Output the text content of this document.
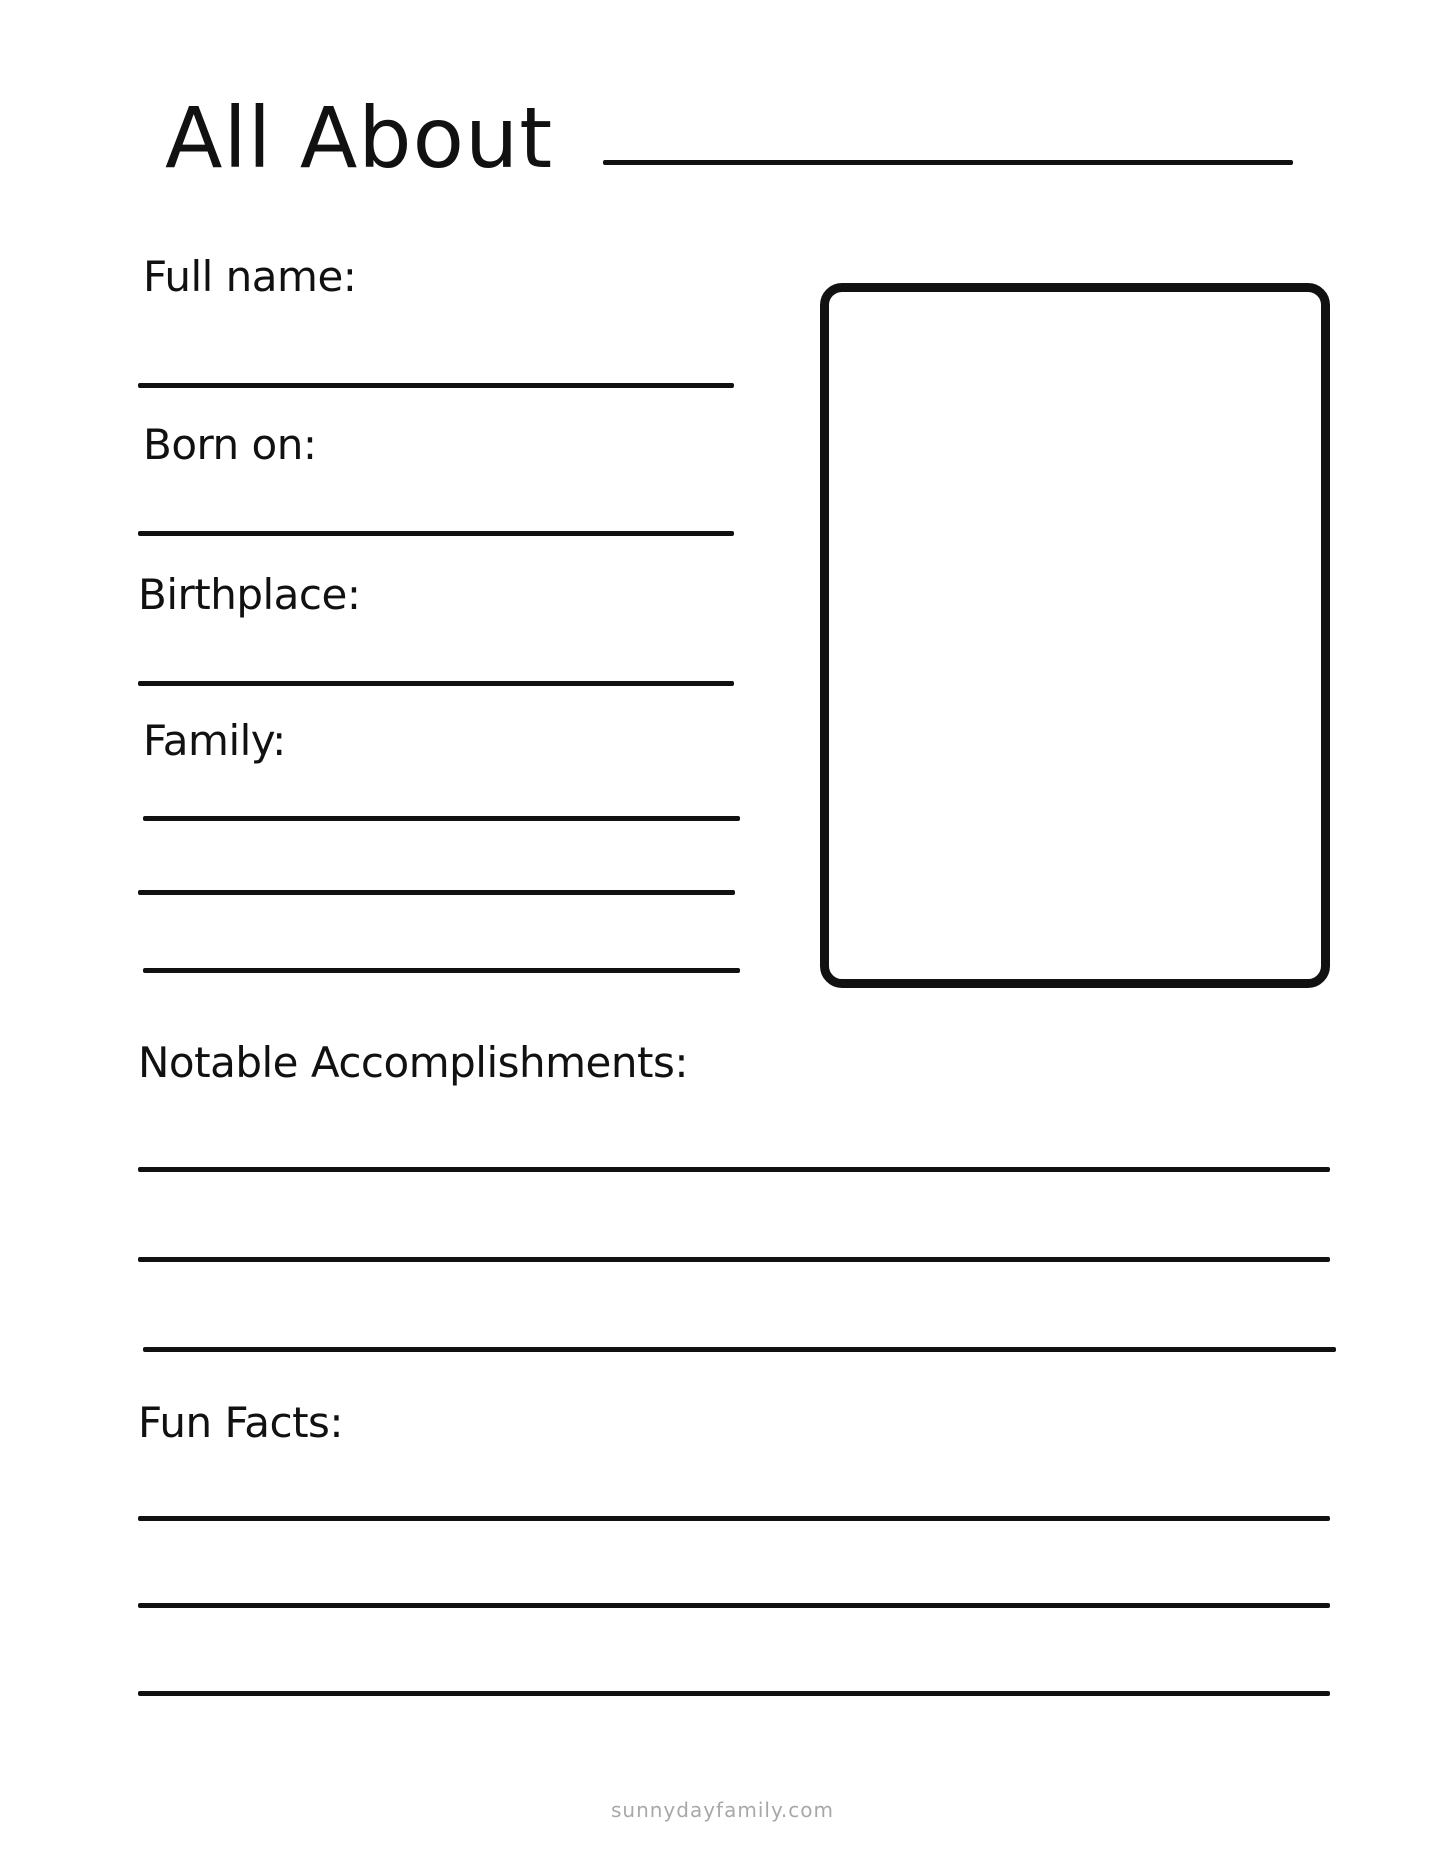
All About
Full name:
Born on:
Birthplace:
Family:
Notable Accomplishments:
Fun Facts:
sunnydayfamily.com
